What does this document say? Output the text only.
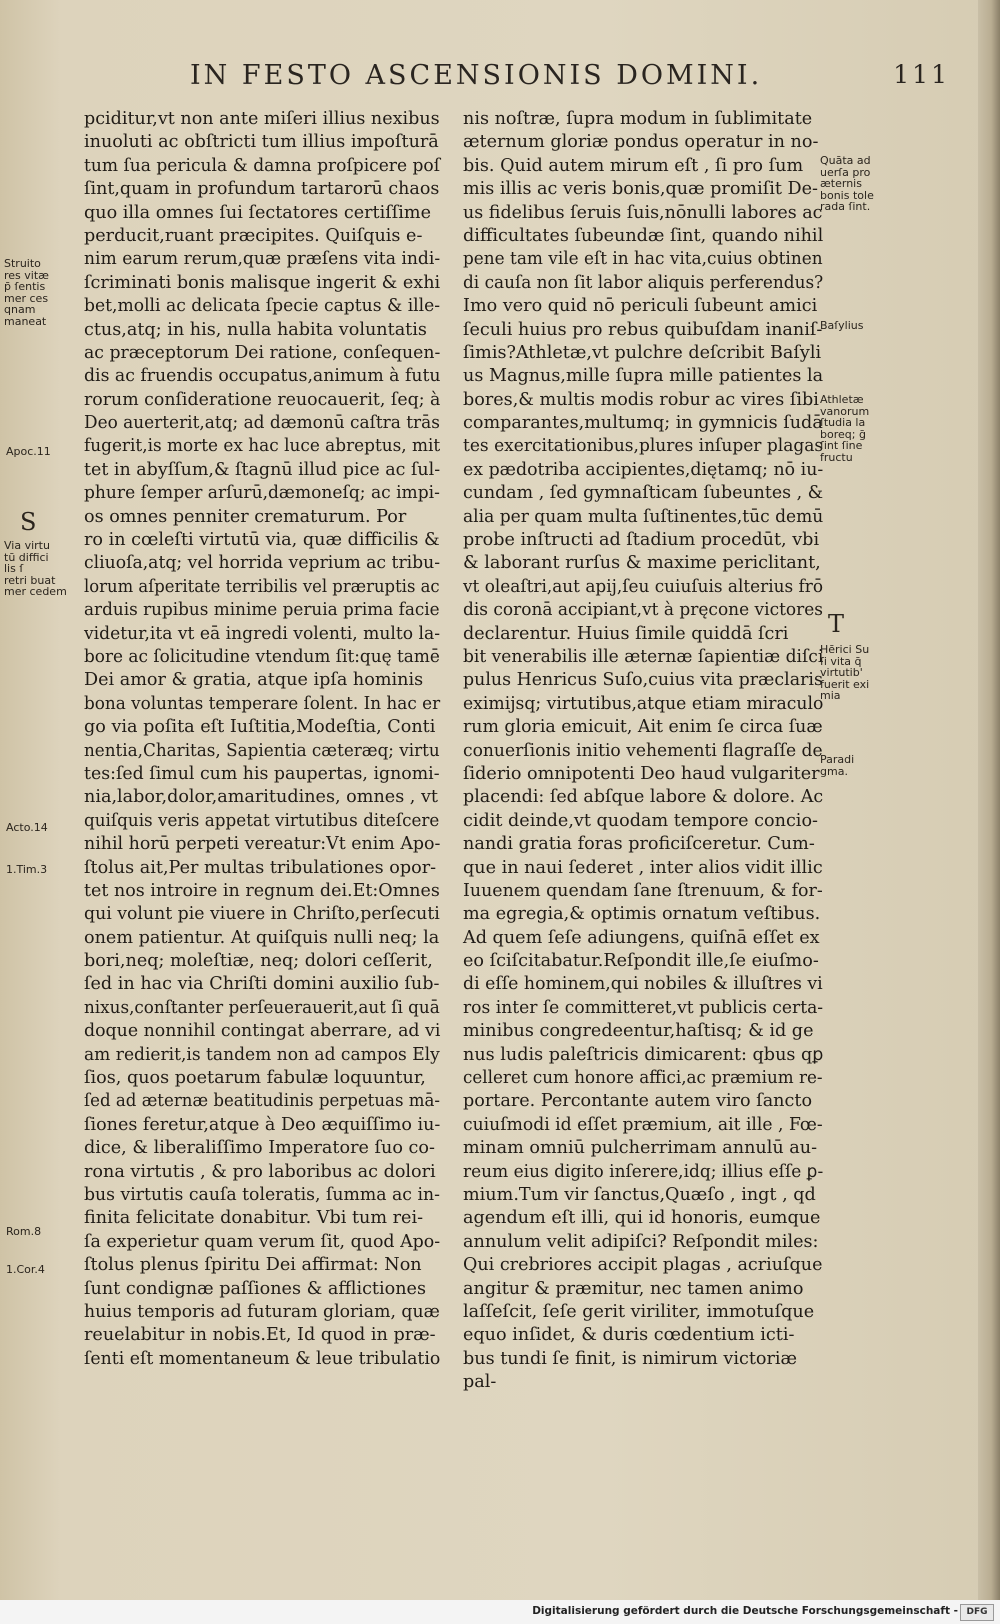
IN FESTO ASCENSIONIS DOMINI.	111
pciditur,vt non ante miſeri illius nexibus
inuoluti ac obſtricti tum illius impoſturā
tum ſua pericula & damna proſpicere poſ
ſint,quam in profundum tartarorū chaos
quo illa omnes ſui ſectatores certiſſime
perducit,ruant præcipites. Quiſquis e-
nim earum rerum,quæ præſens vita indi-
ſcriminati bonis malisque ingerit & exhi
bet,molli ac delicata ſpecie captus & ille-
ctus,atq; in his, nulla habita voluntatis
ac præceptorum Dei ratione, conſequen-
dis ac fruendis occupatus,animum à futu
rorum conſideratione reuocauerit, ſeq; à
Deo auerterit,atq; ad dæmonū caſtra trās
fugerit,is morte ex hac luce abreptus, mit
tet in abyſſum,& ſtagnū illud pice ac ſul-
phure ſemper arſurū,dæmoneſq; ac impi-
os omnes penniter crematurum. Por
ro in cœleſti virtutū via, quæ difficilis &
cliuoſa,atq; vel horrida veprium ac tribu-
lorum aſperitate terribilis vel præruptis ac
arduis rupibus minime peruia prima facie
videtur,ita vt eā ingredi volenti, multo la-
bore ac ſolicitudine vtendum ſit:quę tamē
Dei amor & gratia, atque ipſa hominis
bona voluntas temperare ſolent. In hac er
go via poſita eſt Iuſtitia,Modeſtia, Conti
nentia,Charitas, Sapientia cæteræq; virtu
tes:ſed ſimul cum his paupertas, ignomi-
nia,labor,dolor,amaritudines, omnes , vt
quiſquis veris appetat virtutibus diteſcere
nihil horū perpeti vereatur:Vt enim Apo-
ſtolus ait,Per multas tribulationes opor-
tet nos introire in regnum dei.Et:Omnes
qui volunt pie viuere in Chriſto,perſecuti
onem patientur. At quiſquis nulli neq; la
bori,neq; moleſtiæ, neq; dolori ceſſerit,
ſed in hac via Chriſti domini auxilio ſub-
nixus,conſtanter perſeuerauerit,aut ſi quā
doque nonnihil contingat aberrare, ad vi
am redierit,is tandem non ad campos Ely
ſios, quos poetarum fabulæ loquuntur,
ſed ad æternæ beatitudinis perpetuas mā-
ſiones feretur,atque à Deo æquiſſimo iu-
dice, & liberaliſſimo Imperatore ſuo co-
rona virtutis , & pro laboribus ac dolori
bus virtutis cauſa toleratis, ſumma ac in-
finita felicitate donabitur. Vbi tum rei-
ſa experietur quam verum ſit, quod Apo-
ſtolus plenus ſpiritu Dei affirmat: Non
ſunt condignæ paſſiones & afflictiones
huius temporis ad futuram gloriam, quæ
reuelabitur in nobis.Et, Id quod in præ-
ſenti eſt momentaneum & leue tribulatio
nis noſtræ, ſupra modum in ſublimitate
æternum gloriæ pondus operatur in no-
bis. Quid autem mirum eſt , ſi pro ſum
mis illis ac veris bonis,quæ promiſit De-
us fidelibus ſeruis ſuis,nōnulli labores ac
difficultates ſubeundæ ſint, quando nihil
pene tam vile eſt in hac vita,cuius obtinen
di cauſa non ſit labor aliquis perferendus?
Imo vero quid nō periculi ſubeunt amici
ſeculi huius pro rebus quibuſdam inaniſ-
ſimis?Athletæ,vt pulchre deſcribit Baſyli
us Magnus,mille ſupra mille patientes la
bores,& multis modis robur ac vires ſibi
comparantes,multumq; in gymnicis ſudā
tes exercitationibus,plures inſuper plagas
ex pædotriba accipientes,diętamq; nō iu-
cundam , ſed gymnaſticam ſubeuntes , &
alia per quam multa ſuſtinentes,tūc demū
probe inſtructi ad ſtadium procedūt, vbi
& laborant rurſus & maxime periclitant,
vt oleaſtri,aut apij,ſeu cuiuſuis alterius frō
dis coronā accipiant,vt à pręcone victores
declarentur. Huius ſimile quiddā ſcri
bit venerabilis ille æternæ ſapientiæ diſci
pulus Henricus Suſo,cuius vita præclaris
eximijsq; virtutibus,atque etiam miraculo
rum gloria emicuit, Ait enim ſe circa ſuæ
conuerſionis initio vehementi flagraſſe de
ſiderio omnipotenti Deo haud vulgariter
placendi: ſed abſque labore & dolore. Ac
cidit deinde,vt quodam tempore concio-
nandi gratia foras proficiſceretur. Cum-
que in naui ſederet , inter alios vidit illic
Iuuenem quendam ſane ſtrenuum, & for-
ma egregia,& optimis ornatum veſtibus.
Ad quem ſeſe adiungens, quiſnā eſſet ex
eo ſciſcitabatur.Reſpondit ille,ſe eiuſmo-
di eſſe hominem,qui nobiles & illuſtres vi
ros inter ſe committeret,vt publicis certa-
minibus congredeentur,haſtisq; & id ge
nus ludis paleſtricis dimicarent: qbus qꝑ
celleret cum honore affici,ac præmium re-
portare. Percontante autem viro ſancto
cuiuſmodi id eſſet præmium, ait ille , Fœ-
minam omniū pulcherrimam annulū au-
reum eius digito inſerere,idq; illius eſſe ꝑ-
mium.Tum vir ſanctus,Quæſo , ingt , qd
agendum eſt illi, qui id honoris, eumque
annulum velit adipiſci? Reſpondit miles:
Qui crebriores accipit plagas , acriuſque
angitur & præmitur, nec tamen animo
laſſeſcit, ſeſe gerit viriliter, immotuſque
equo inſidet, & duris cœdentium icti-
bus tundi ſe finit, is nimirum victoriæ
pal-
Struito
res vitæ
p̄ ſentis
mer ces
qnam
maneat
Apoc.11
S
Via virtu
tū diffici
lis ſ
retri buat
mer cedem
Acto.14
1.Tim.3
Rom.8
1.Cor.4
Quāta ad
uerſa pro
æternis
bonis tole
rada ſint.
Baſylius
Athletæ
vanorum
ſtudia la
boreq; ḡ
ſint ſine
fructu
T
Hērici Su
ſi vita q̄
virtutib'
fuerit exi
mia
Paradi
gma.
Digitalisierung gefördert durch die Deutsche Forschungsgemeinschaft - DFG
